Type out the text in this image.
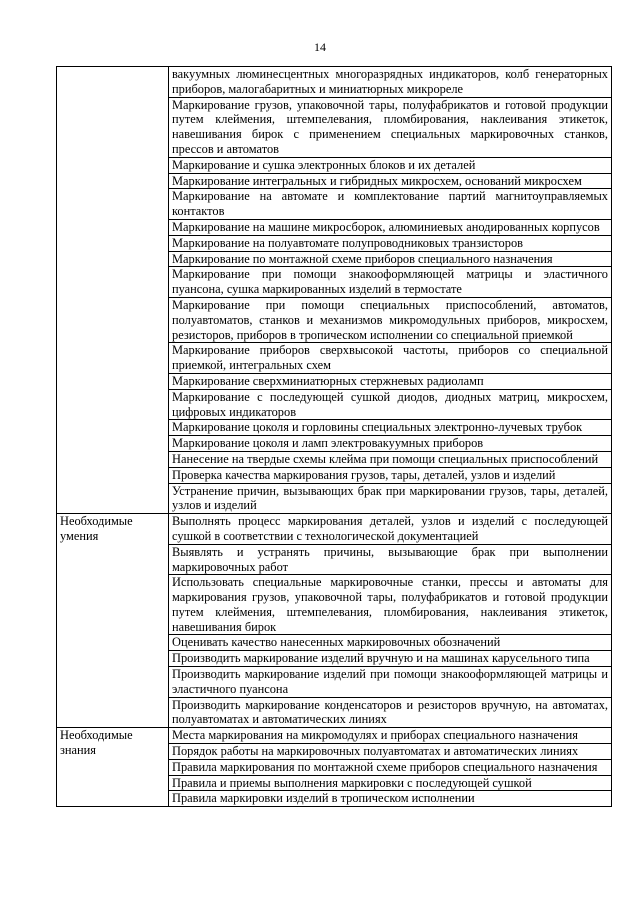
14
	вакуумных люминесцентных многоразрядных индикаторов, колб генераторных приборов, малогабаритных и миниатюрных микрореле
	Маркирование грузов, упаковочной тары, полуфабрикатов и готовой продукции путем клеймения, штемпелевания, пломбирования, наклеивания этикеток, навешивания бирок с применением специальных маркировочных станков, прессов и автоматов
	Маркирование и сушка электронных блоков и их деталей
	Маркирование интегральных и гибридных микросхем, оснований микросхем
	Маркирование на автомате и комплектование партий магнитоуправляемых контактов
	Маркирование на машине микросборок, алюминиевых анодированных корпусов
	Маркирование на полуавтомате полупроводниковых транзисторов
	Маркирование по монтажной схеме приборов специального назначения
	Маркирование при помощи знакооформляющей матрицы и эластичного пуансона, сушка маркированных изделий в термостате
	Маркирование при помощи специальных приспособлений, автоматов, полуавтоматов, станков и механизмов микромодульных приборов, микросхем, резисторов, приборов в тропическом исполнении со специальной приемкой
	Маркирование приборов сверхвысокой частоты, приборов со специальной приемкой, интегральных схем
	Маркирование сверхминиатюрных стержневых радиоламп
	Маркирование с последующей сушкой диодов, диодных матриц, микросхем, цифровых индикаторов
	Маркирование цоколя и горловины специальных электронно-лучевых трубок
	Маркирование цоколя и ламп электровакуумных приборов
	Нанесение на твердые схемы клейма при помощи специальных приспособлений
	Проверка качества маркирования грузов, тары, деталей, узлов и изделий
	Устранение причин, вызывающих брак при маркировании грузов, тары, деталей, узлов и изделий
Необходимые умения	Выполнять процесс маркирования деталей, узлов и изделий с последующей сушкой в соответствии с технологической документацией
	Выявлять и устранять причины, вызывающие брак при выполнении маркировочных работ
	Использовать специальные маркировочные станки, прессы и автоматы для маркирования грузов, упаковочной тары, полуфабрикатов и готовой продукции путем клеймения, штемпелевания, пломбирования, наклеивания этикеток, навешивания бирок
	Оценивать качество нанесенных маркировочных обозначений
	Производить маркирование изделий вручную и на машинах карусельного типа
	Производить маркирование изделий при помощи знакооформляющей матрицы и эластичного пуансона
	Производить маркирование конденсаторов и резисторов вручную, на автоматах, полуавтоматах и автоматических линиях
Необходимые знания	Места маркирования на микромодулях и приборах специального назначения
	Порядок работы на маркировочных полуавтоматах и автоматических линиях
	Правила маркирования по монтажной схеме приборов специального назначения
	Правила и приемы выполнения маркировки с последующей сушкой
	Правила маркировки изделий в тропическом исполнении
